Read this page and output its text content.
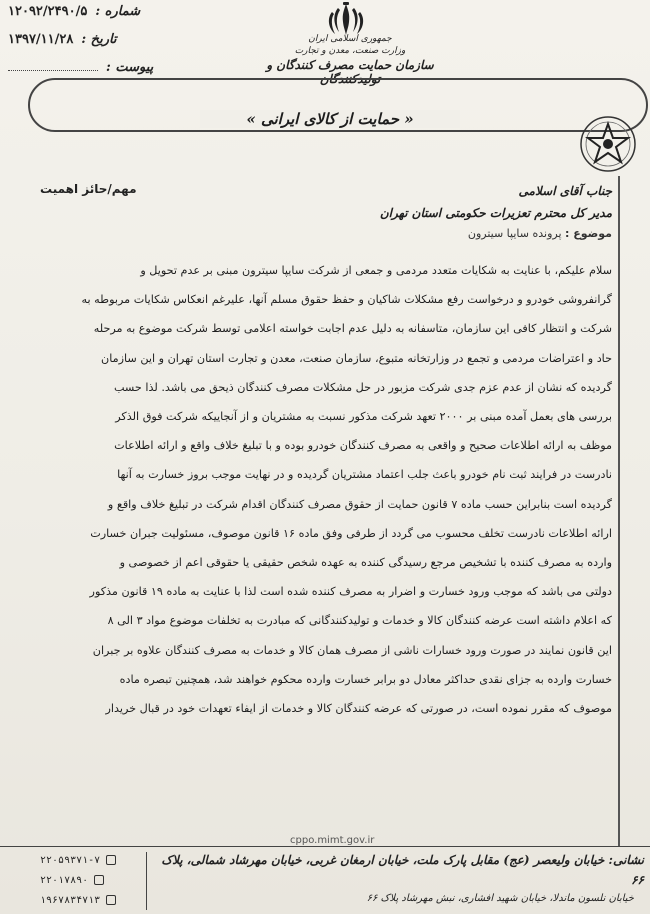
شماره :
۱۲۰۹۲/۲۴۹۰/۵
تاریخ :
۱۳۹۷/۱۱/۲۸
پیوست :
جمهوری اسلامی ایران
وزارت صنعت، معدن و تجارت
سازمان حمایت مصرف کنندگان و تولیدکنندگان
« حمایت از کالای ایرانی »
مهم/حائز اهمیت	جناب آقای اسلامی
مدیر کل محترم تعزیرات حکومتی استان تهران
موضوع : پرونده سایپا سیترون
سلام علیکم، با عنایت به شکایات متعدد مردمی و جمعی از شرکت سایپا سیترون مبنی بر عدم تحویل و
گرانفروشی خودرو و درخواست رفع مشکلات شاکیان و حفظ حقوق مسلم آنها، علیرغم انعکاس شکایات مربوطه به
شرکت و انتظار کافی این سازمان، متاسفانه به دلیل عدم اجابت خواسته اعلامی توسط شرکت موضوع به مرحله
حاد و اعتراضات مردمی و تجمع در وزارتخانه متبوع، سازمان صنعت، معدن و تجارت استان تهران و این سازمان
گردیده که نشان از عدم عزم جدی شرکت مزبور در حل مشکلات مصرف کنندگان ذیحق می باشد. لذا حسب
بررسی های بعمل آمده مبنی بر ۲۰۰۰ تعهد شرکت مذکور نسبت به مشتریان و از آنجاییکه شرکت فوق الذکر
موظف به ارائه اطلاعات صحیح و واقعی به مصرف کنندگان خودرو بوده و با تبلیغ خلاف واقع و ارائه اطلاعات
نادرست در فرایند ثبت نام خودرو باعث جلب اعتماد مشتریان گردیده و در نهایت موجب بروز خسارت به آنها
گردیده است بنابراین حسب ماده ۷ قانون حمایت از حقوق مصرف کنندگان اقدام شرکت در تبلیغ خلاف واقع و
ارائه اطلاعات نادرست تخلف محسوب می گردد از طرفی وفق ماده ۱۶ قانون موصوف، مسئولیت جبران خسارت
وارده به مصرف کننده با تشخیص مرجع رسیدگی کننده به عهده شخص حقیقی یا حقوقی اعم از خصوصی و
دولتی می باشد که موجب ورود خسارت و اضرار به مصرف کننده شده است لذا با عنایت به ماده ۱۹ قانون مذکور
که اعلام داشته است عرضه کنندگان کالا و خدمات و تولیدکنندگانی که مبادرت به تخلفات موضوع مواد ۳ الی ۸
این قانون نمایند در صورت ورود خسارات ناشی از مصرف همان کالا و خدمات به مصرف کنندگان علاوه بر جبران
خسارت وارده به جزای نقدی حداکثر معادل دو برابر خسارت وارده محکوم خواهند شد، همچنین تبصره ماده
موصوف که مقرر نموده است، در صورتی که عرضه کنندگان کالا و خدمات از ایفاء تعهدات خود در قبال خریدار
cppo.mimt.gov.ir
۲۲۰۵۹۳۷۱-۷
۲۲۰۱۷۸۹۰
۱۹۶۷۸۳۴۷۱۳
نشانی: خیابان ولیعصر (عج) مقابل پارک ملت، خیابان ارمغان غربی، خیابان مهرشاد شمالی، پلاک ۶۶
خیابان نلسون ماندلا، خیابان شهید افشاری، نبش مهرشاد پلاک ۶۶
